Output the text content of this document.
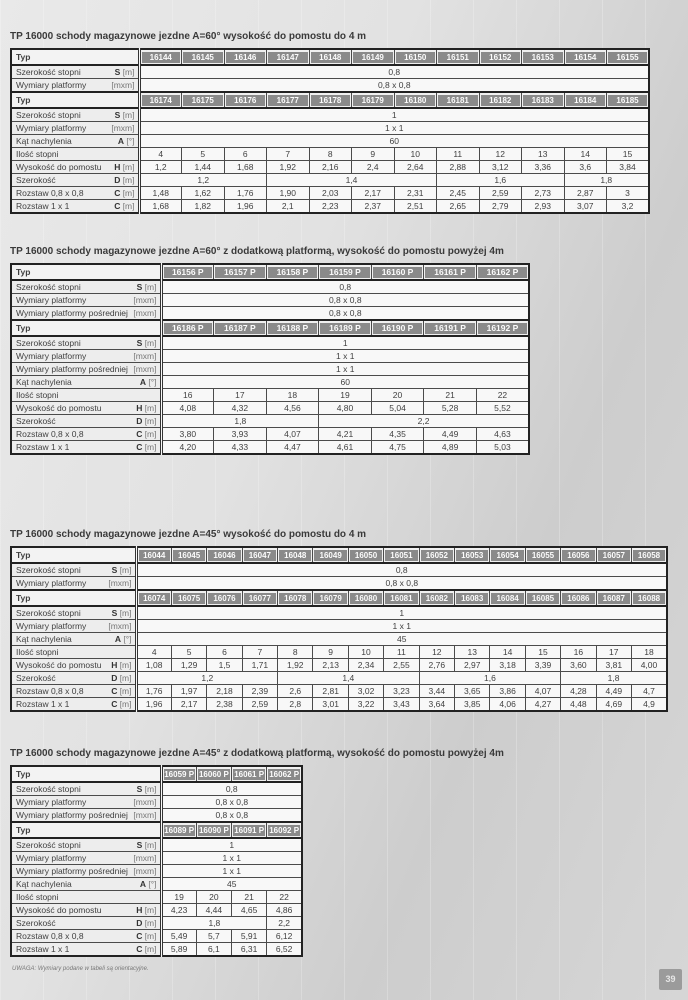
TP 16000 schody magazynowe jezdne A=60° wysokość do pomostu do 4 m
Typ	16144	16145	16146	16147	16148	16149	16150	16151	16152	16153	16154	16155

Szerokość stopni S [m]	0,8											

Wymiary platformy [mxm]	0,8 x 0,8											

Typ	16174	16175	16176	16177	16178	16179	16180	16181	16182	16183	16184	16185

Szerokość stopni S [m]	1											

Wymiary platformy [mxm]	1 x 1											

Kąt nachylenia A [°]	60											

Ilość stopni	4	5	6	7	8	9	10	11	12	13	14	15

Wysokość do pomostu H [m]	1,2	1,44	1,68	1,92	2,16	2,4	2,64	2,88	3,12	3,36	3,6	3,84

Szerokość D [m]	1,2			1,4				1,6			1,8	

Rozstaw 0,8 x 0,8 C [m]	1,48	1,62	1,76	1,90	2,03	2,17	2,31	2,45	2,59	2,73	2,87	3

Rozstaw 1 x 1 C [m]	1,68	1,82	1,96	2,1	2,23	2,37	2,51	2,65	2,79	2,93	3,07	3,2
TP 16000 schody magazynowe jezdne A=60° z dodatkową platformą, wysokość do pomostu powyżej 4m
Typ	16156 P	16157 P	16158 P	16159 P	16160 P	16161 P	16162 P

Szerokość stopni S [m]	0,8						

Wymiary platformy [mxm]	0,8 x 0,8						

Wymiary platformy pośredniej [mxm]	0,8 x 0,8						

Typ	16186 P	16187 P	16188 P	16189 P	16190 P	16191 P	16192 P

Szerokość stopni S [m]	1						

Wymiary platformy [mxm]	1 x 1						

Wymiary platformy pośredniej [mxm]	1 x 1						

Kąt nachylenia A [°]	60						

Ilość stopni	16	17	18	19	20	21	22

Wysokość do pomostu H [m]	4,08	4,32	4,56	4,80	5,04	5,28	5,52

Szerokość D [m]	1,8			2,2			

Rozstaw 0,8 x 0,8 C [m]	3,80	3,93	4,07	4,21	4,35	4,49	4,63

Rozstaw 1 x 1 C [m]	4,20	4,33	4,47	4,61	4,75	4,89	5,03
TP 16000 schody magazynowe jezdne A=45° wysokość do pomostu do 4 m
Typ	16044	16045	16046	16047	16048	16049	16050	16051	16052	16053	16054	16055	16056	16057	16058

Szerokość stopni S [m]	0,8														

Wymiary platformy [mxm]	0,8 x 0,8														

Typ	16074	16075	16076	16077	16078	16079	16080	16081	16082	16083	16084	16085	16086	16087	16088

Szerokość stopni S [m]	1														

Wymiary platformy [mxm]	1 x 1														

Kąt nachylenia A [°]	45														

Ilość stopni	4	5	6	7	8	9	10	11	12	13	14	15	16	17	18

Wysokość do pomostu H [m]	1,08	1,29	1,5	1,71	1,92	2,13	2,34	2,55	2,76	2,97	3,18	3,39	3,60	3,81	4,00

Szerokość D [m]	1,2				1,4				1,6				1,8		

Rozstaw 0,8 x 0,8 C [m]	1,76	1,97	2,18	2,39	2,6	2,81	3,02	3,23	3,44	3,65	3,86	4,07	4,28	4,49	4,7

Rozstaw 1 x 1 C [m]	1,96	2,17	2,38	2,59	2,8	3,01	3,22	3,43	3,64	3,85	4,06	4,27	4,48	4,69	4,9
TP 16000 schody magazynowe jezdne A=45° z dodatkową platformą, wysokość do pomostu powyżej 4m
Typ	16059 P	16060 P	16061 P	16062 P

Szerokość stopni S [m]	0,8			

Wymiary platformy [mxm]	0,8 x 0,8			

Wymiary platformy pośredniej [mxm]	0,8 x 0,8			

Typ	16089 P	16090 P	16091 P	16092 P

Szerokość stopni S [m]	1			

Wymiary platformy [mxm]	1 x 1			

Wymiary platformy pośredniej [mxm]	1 x 1			

Kąt nachylenia A [°]	45			

Ilość stopni	19	20	21	22

Wysokość do pomostu H [m]	4,23	4,44	4,65	4,86

Szerokość D [m]	1,8			2,2

Rozstaw 0,8 x 0,8 C [m]	5,49	5,7	5,91	6,12

Rozstaw 1 x 1 C [m]	5,89	6,1	6,31	6,52

UWAGA: Wymiary podane w tabeli są orientacyjne.

39
